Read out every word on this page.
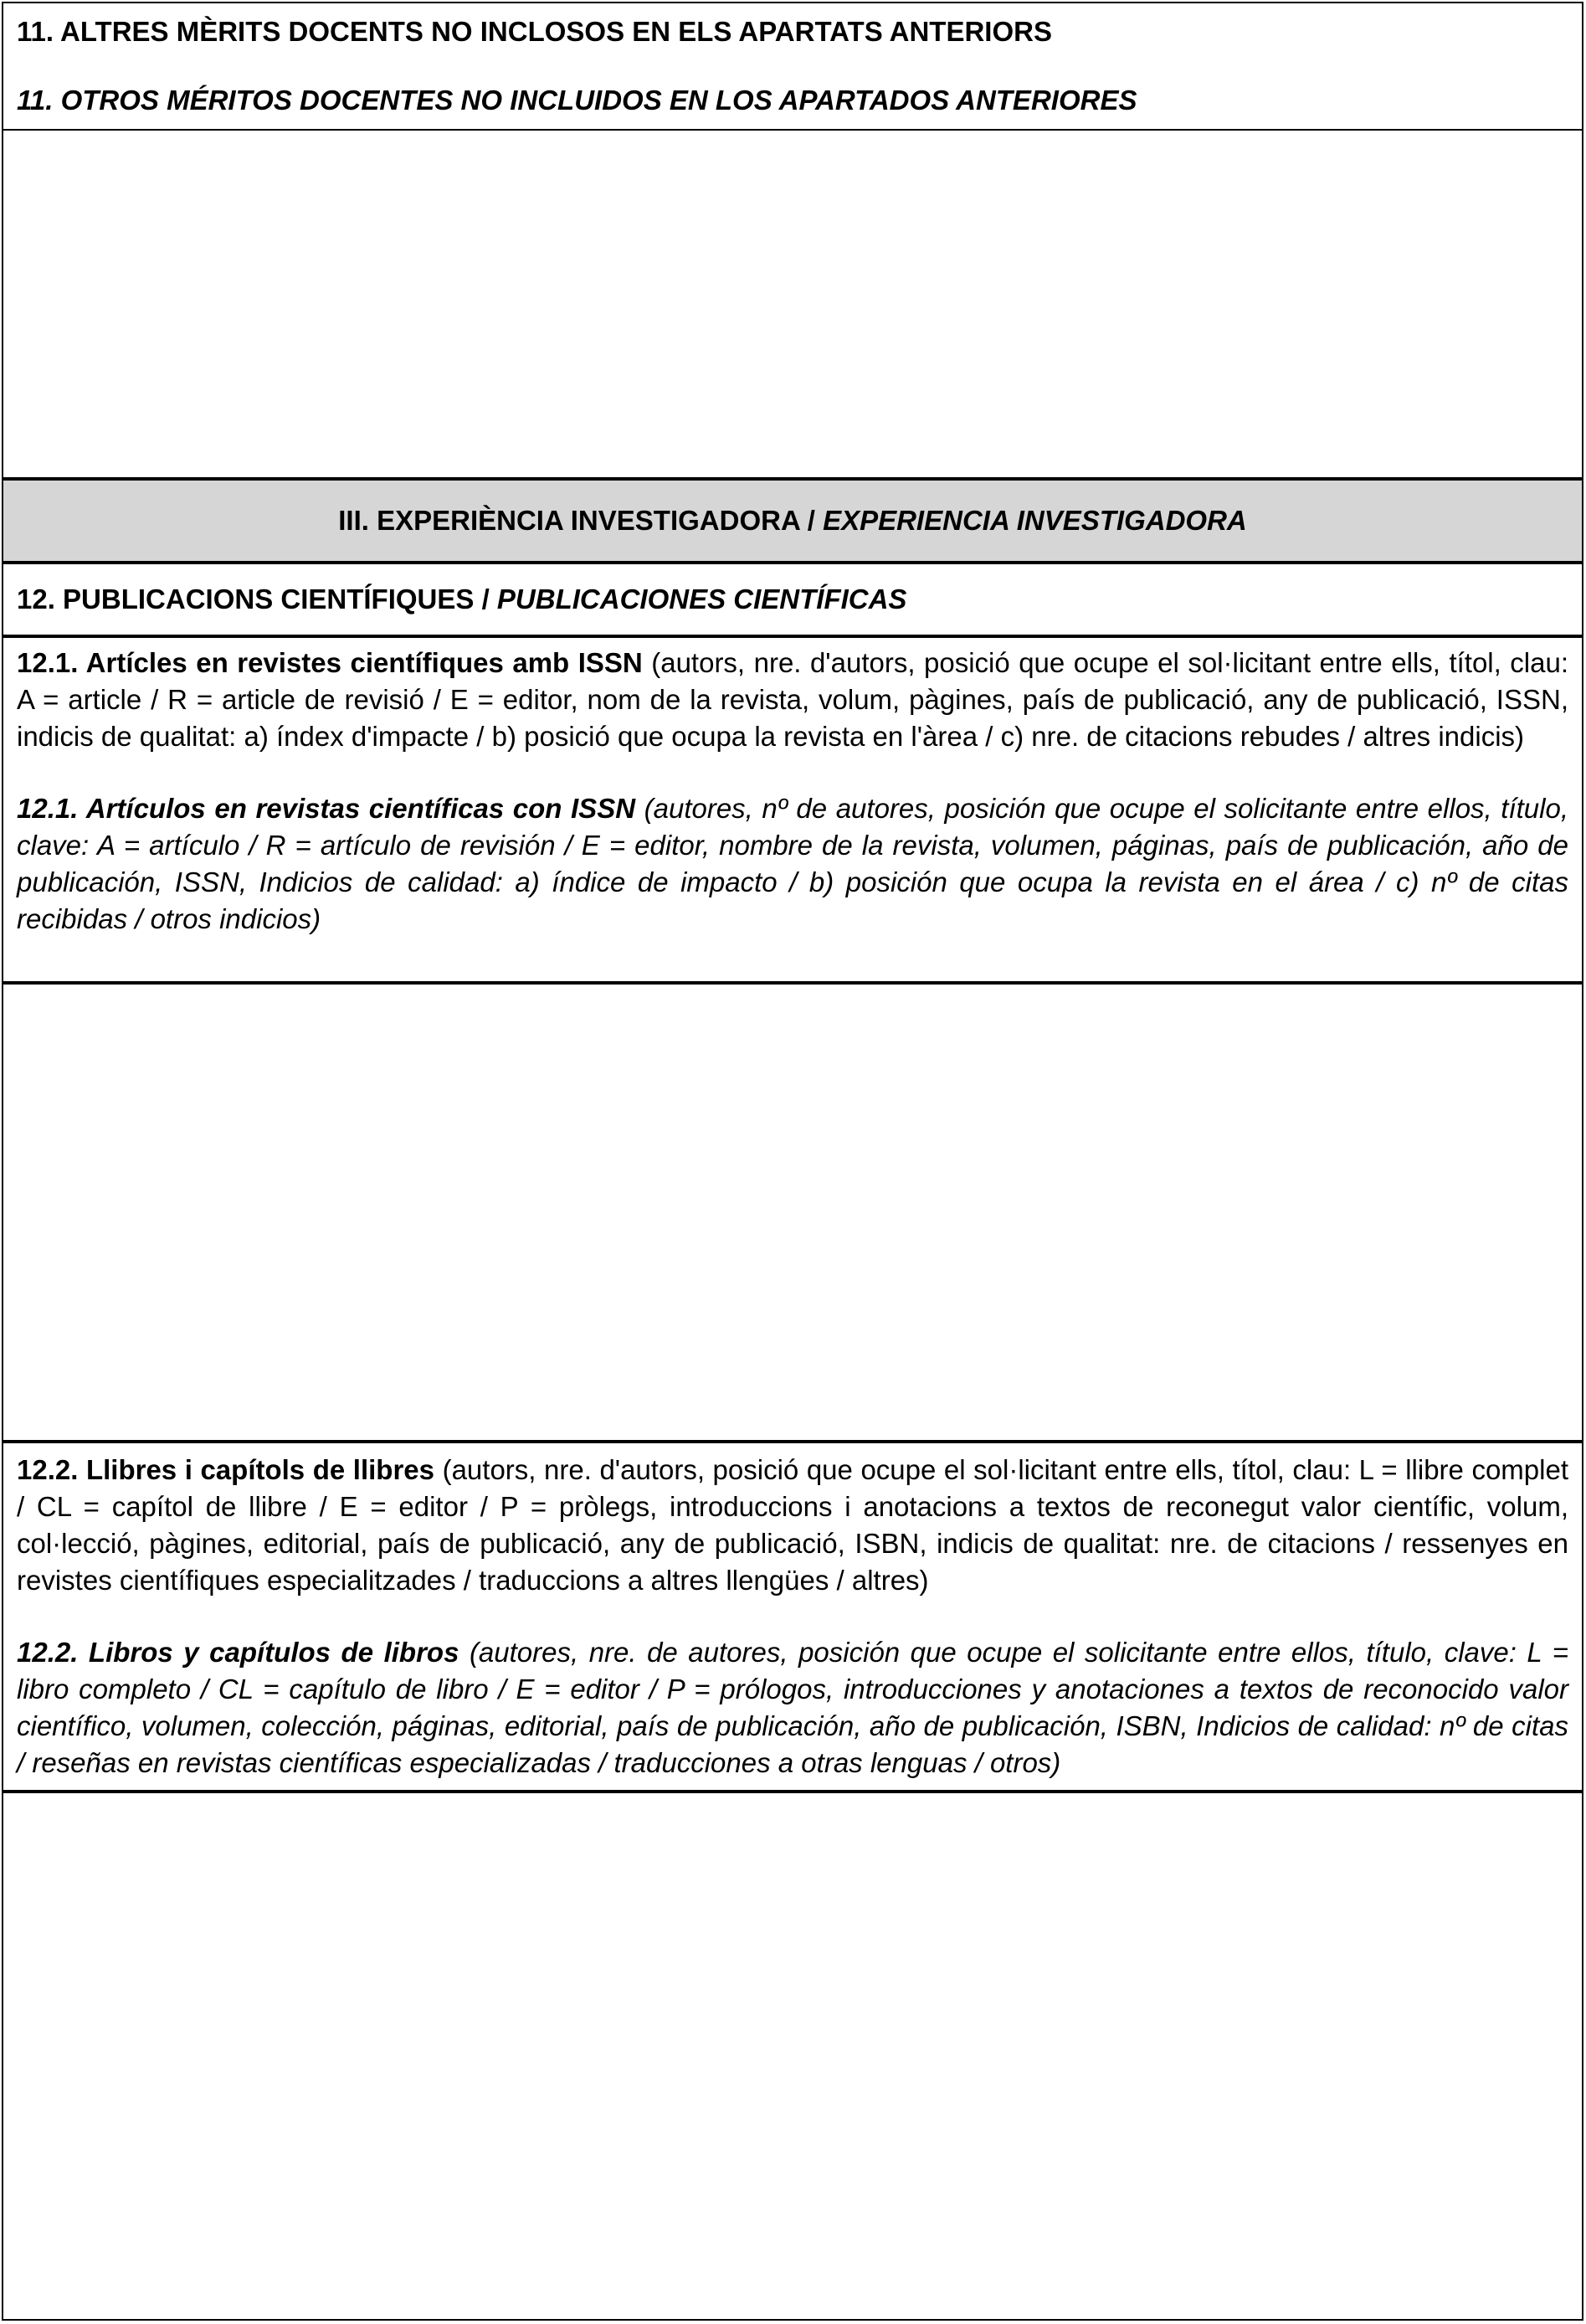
11. ALTRES MÈRITS DOCENTS NO INCLOSOS EN ELS APARTATS ANTERIORS
11. OTROS MÉRITOS DOCENTES NO INCLUIDOS EN LOS APARTADOS ANTERIORES
III. EXPERIÈNCIA INVESTIGADORA / EXPERIENCIA INVESTIGADORA
12. PUBLICACIONS CIENTÍFIQUES / PUBLICACIONES CIENTÍFICAS
12.1. Artícles en revistes científiques amb ISSN (autors, nre. d'autors, posició que ocupe el sol·licitant entre ells, títol, clau: A = article / R = article de revisió / E = editor, nom de la revista, volum, pàgines, país de publicació, any de publicació, ISSN, indicis de qualitat: a) índex d'impacte / b) posició que ocupa la revista en l'àrea / c) nre. de citacions rebudes / altres indicis)
12.1. Artículos en revistas científicas con ISSN (autores, nº de autores, posición que ocupe el solicitante entre ellos, título, clave: A = artículo / R = artículo de revisión / E = editor, nombre de la revista, volumen, páginas, país de publicación, año de publicación, ISSN, Indicios de calidad: a) índice de impacto / b) posición que ocupa la revista en el área / c) nº de citas recibidas / otros indicios)
12.2. Llibres i capítols de llibres (autors, nre. d'autors, posició que ocupe el sol·licitant entre ells, títol, clau: L = llibre complet / CL = capítol de llibre / E = editor / P = pròlegs, introduccions i anotacions a textos de reconegut valor científic, volum, col·lecció, pàgines, editorial, país de publicació, any de publicació, ISBN, indicis de qualitat: nre. de citacions / ressenyes en revistes científiques especialitzades / traduccions a altres llengües / altres)
12.2. Libros y capítulos de libros (autores, nre. de autores, posición que ocupe el solicitante entre ellos, título, clave: L = libro completo / CL = capítulo de libro / E = editor / P = prólogos, introducciones y anotaciones a textos de reconocido valor científico, volumen, colección, páginas, editorial, país de publicación, año de publicación, ISBN, Indicios de calidad: nº de citas / reseñas en revistas científicas especializadas / traducciones a otras lenguas / otros)
